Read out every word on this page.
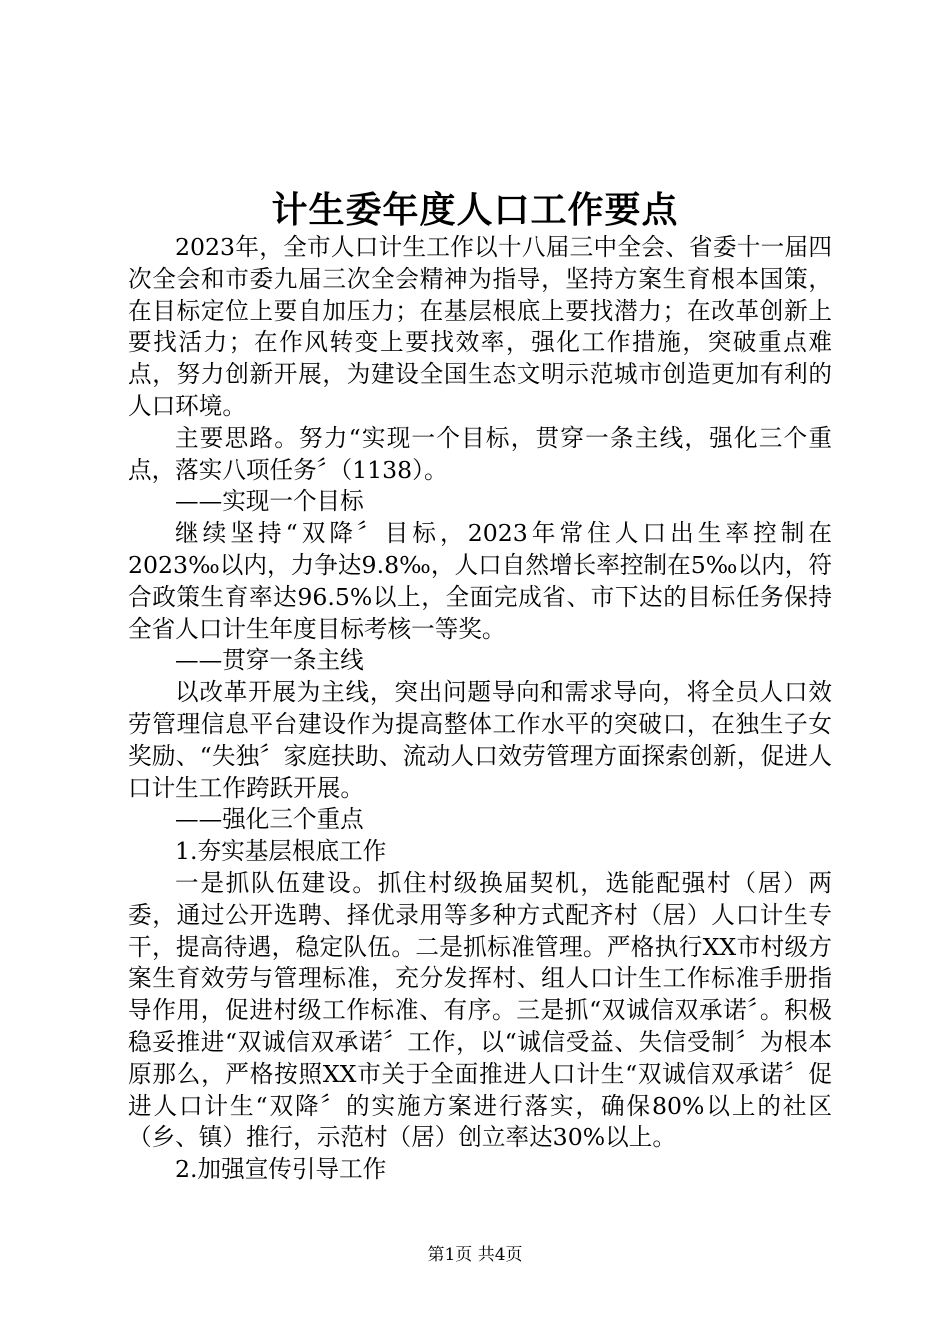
计生委年度人口工作要点

2023年，全市人口计生工作以十八届三中全会、省委十一届四次全会和市委九届三次全会精神为指导，坚持方案生育根本国策，在目标定位上要自加压力；在基层根底上要找潜力；在改革创新上要找活力；在作风转变上要找效率，强化工作措施，突破重点难点，努力创新开展，为建设全国生态文明示范城市创造更加有利的人口环境。

主要思路。努力“实现一个目标，贯穿一条主线，强化三个重点，落实八项任务〞（1138）。

——实现一个目标

继续坚持“双降〞目标，2023年常住人口出生率控制在2023‰以内，力争达9.8‰，人口自然增长率控制在5‰以内，符合政策生育率达96.5%以上，全面完成省、市下达的目标任务保持全省人口计生年度目标考核一等奖。

——贯穿一条主线

以改革开展为主线，突出问题导向和需求导向，将全员人口效劳管理信息平台建设作为提高整体工作水平的突破口，在独生子女奖励、“失独〞家庭扶助、流动人口效劳管理方面探索创新，促进人口计生工作跨跃开展。

——强化三个重点

1.夯实基层根底工作

一是抓队伍建设。抓住村级换届契机，选能配强村（居）两委，通过公开选聘、择优录用等多种方式配齐村（居）人口计生专干，提高待遇，稳定队伍。二是抓标准管理。严格执行XX市村级方案生育效劳与管理标准，充分发挥村、组人口计生工作标准手册指导作用，促进村级工作标准、有序。三是抓“双诚信双承诺〞。积极稳妥推进“双诚信双承诺〞工作，以“诚信受益、失信受制〞为根本原那么，严格按照XX市关于全面推进人口计生“双诚信双承诺〞促进人口计生“双降〞的实施方案进行落实，确保80%以上的社区（乡、镇）推行，示范村（居）创立率达30%以上。

2.加强宣传引导工作

第1页 共4页
